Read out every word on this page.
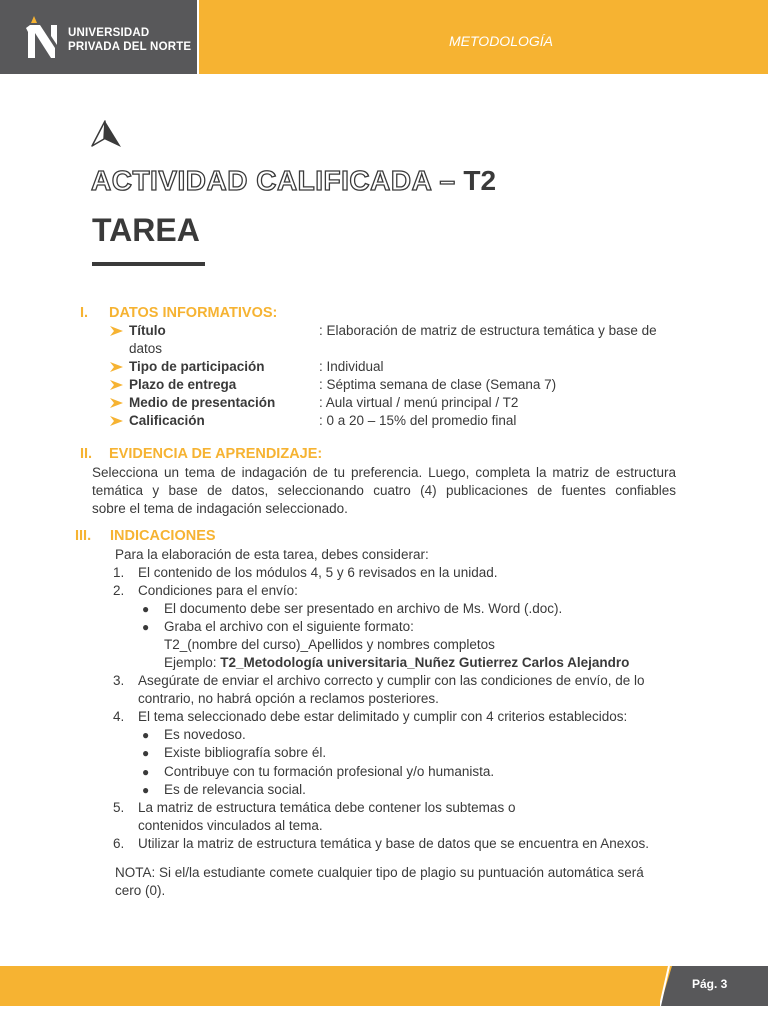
UNIVERSIDAD
PRIVADA DEL NORTE	METODOLOGÍA
ACTIVIDAD CALIFICADA – T2
TAREA
I. DATOS INFORMATIVOS:
Título	: Elaboración de matriz de estructura temática y base de
datos
Tipo de participación	: Individual
Plazo de entrega	: Séptima semana de clase (Semana 7)
Medio de presentación	: Aula virtual / menú principal / T2
Calificación	: 0 a 20 – 15% del promedio final
II. EVIDENCIA DE APRENDIZAJE:
Selecciona un tema de indagación de tu preferencia. Luego, completa la matriz de estructura
temática y base de datos, seleccionando cuatro (4) publicaciones de fuentes confiables
sobre el tema de indagación seleccionado.
III. INDICACIONES
Para la elaboración de esta tarea, debes considerar:
1. El contenido de los módulos 4, 5 y 6 revisados en la unidad.
2. Condiciones para el envío:
● El documento debe ser presentado en archivo de Ms. Word (.doc).
● Graba el archivo con el siguiente formato:
T2_(nombre del curso)_Apellidos y nombres completos
Ejemplo: T2_Metodología universitaria_Nuñez Gutierrez Carlos Alejandro
3. Asegúrate de enviar el archivo correcto y cumplir con las condiciones de envío, de lo
contrario, no habrá opción a reclamos posteriores.
4. El tema seleccionado debe estar delimitado y cumplir con 4 criterios establecidos:
● Es novedoso.
● Existe bibliografía sobre él.
● Contribuye con tu formación profesional y/o humanista.
● Es de relevancia social.
5. La matriz de estructura temática debe contener los subtemas o
contenidos vinculados al tema.
6. Utilizar la matriz de estructura temática y base de datos que se encuentra en Anexos.
NOTA: Si el/la estudiante comete cualquier tipo de plagio su puntuación automática será
cero (0).
Pág. 3
